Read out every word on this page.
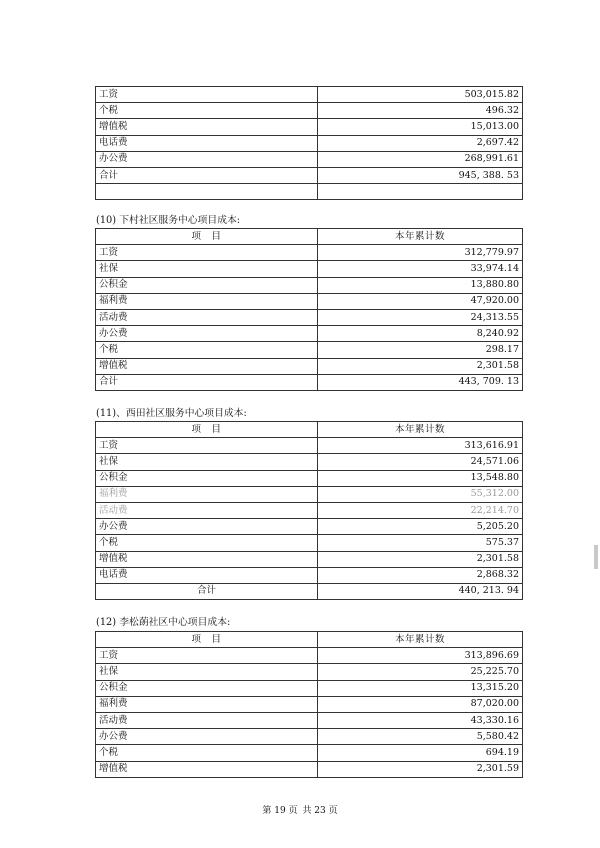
工资	503,015.82
个税	496.32
增值税	15,013.00
电话费	2,697.42
办公费	268,991.61
合计	945, 388. 53

(10) 下村社区服务中心项目成本:
项　目	本年累计数
工资	312,779.97
社保	33,974.14
公积金	13,880.80
福利费	47,920.00
活动费	24,313.55
办公费	8,240.92
个税	298.17
增值税	2,301.58
合计	443, 709. 13
(11)、西田社区服务中心项目成本:
项　目	本年累计数
工资	313,616.91
社保	24,571.06
公积金	13,548.80
福利费	55,312.00
活动费	22,214.70
办公费	5,205.20
个税	575.37
增值税	2,301.58
电话费	2,868.32
合计	440, 213. 94
(12) 李松蓢社区中心项目成本:
项　目	本年累计数
工资	313,896.69
社保	25,225.70
公积金	13,315.20
福利费	87,020.00
活动费	43,330.16
办公费	5,580.42
个税	694.19
增值税	2,301.59
第 19 页 共 23 页
